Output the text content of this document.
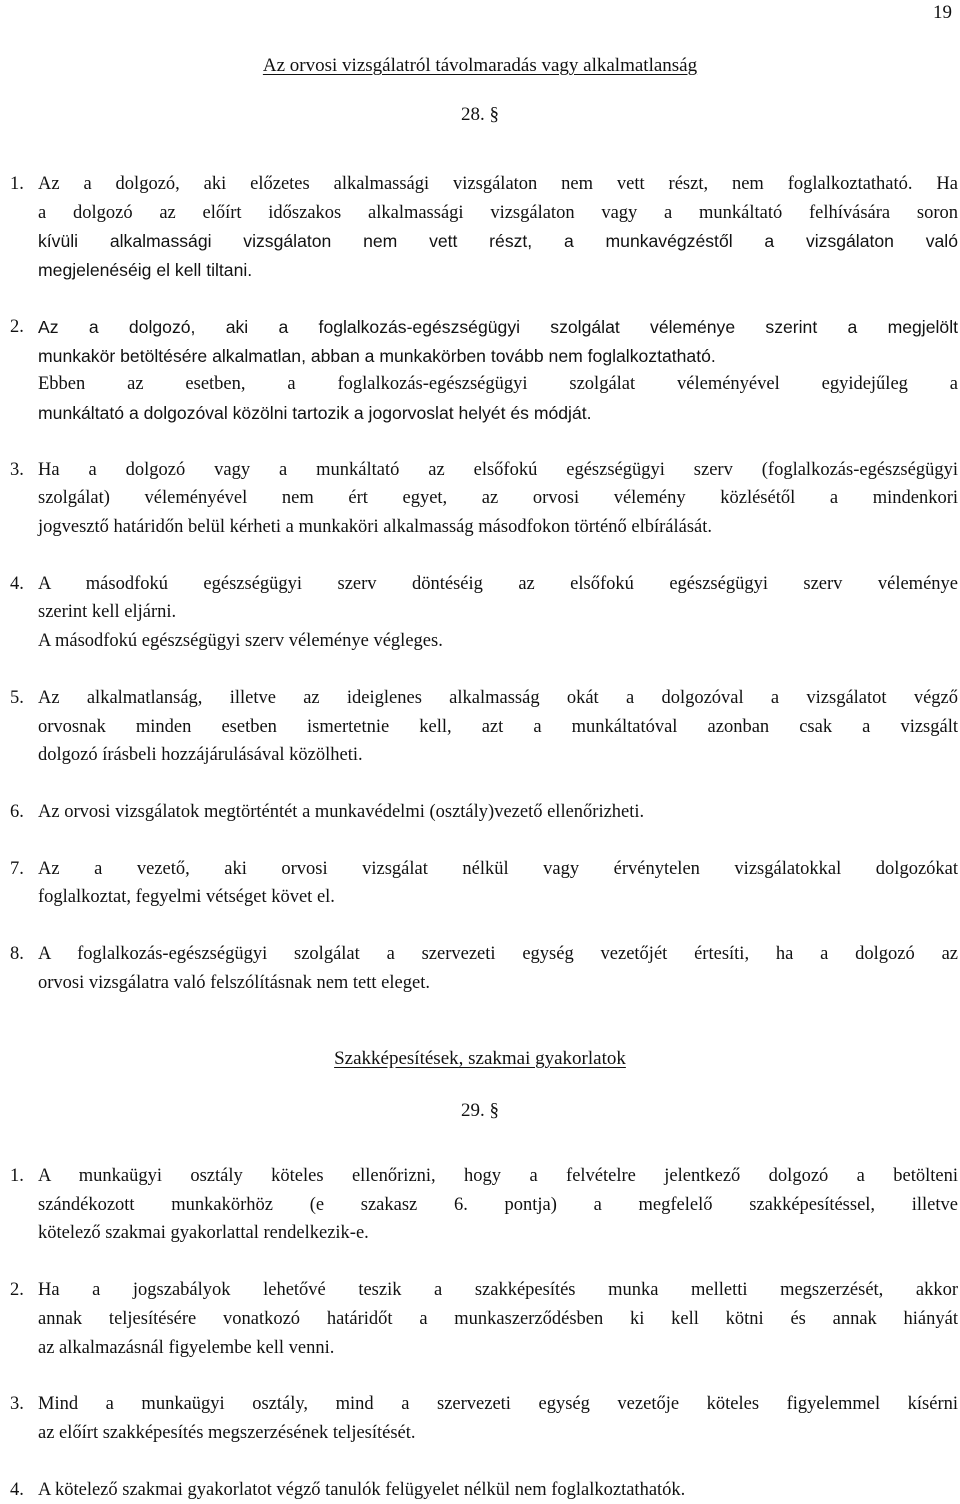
19

Az orvosi vizsgálatról távolmaradás vagy alkalmatlanság

28. §

1. Az a dolgozó, aki előzetes alkalmassági vizsgálaton nem vett részt, nem foglalkoztatható. Ha
a dolgozó az előírt időszakos alkalmassági vizsgálaton vagy a munkáltató felhívására soron
kívüli alkalmassági vizsgálaton nem vett részt, a munkavégzéstől a vizsgálaton való
megjelenéséig el kell tiltani.
2. Az a dolgozó, aki a foglalkozás-egészségügyi szolgálat véleménye szerint a megjelölt
munkakör betöltésére alkalmatlan, abban a munkakörben tovább nem foglalkoztatható.
Ebben az esetben, a foglalkozás-egészségügyi szolgálat véleményével egyidejűleg a
munkáltató a dolgozóval közölni tartozik a jogorvoslat helyét és módját.
3. Ha a dolgozó vagy a munkáltató az elsőfokú egészségügyi szerv (foglalkozás-egészségügyi
szolgálat) véleményével nem ért egyet, az orvosi vélemény közlésétől a mindenkori
jogvesztő határidőn belül kérheti a munkaköri alkalmasság másodfokon történő elbírálását.
4. A másodfokú egészségügyi szerv döntéséig az elsőfokú egészségügyi szerv véleménye
szerint kell eljárni.
A másodfokú egészségügyi szerv véleménye végleges.
5. Az alkalmatlanság, illetve az ideiglenes alkalmasság okát a dolgozóval a vizsgálatot végző
orvosnak minden esetben ismertetnie kell, azt a munkáltatóval azonban csak a vizsgált
dolgozó írásbeli hozzájárulásával közölheti.
6. Az orvosi vizsgálatok megtörténtét a munkavédelmi (osztály)vezető ellenőrizheti.
7. Az a vezető, aki orvosi vizsgálat nélkül vagy érvénytelen vizsgálatokkal dolgozókat
foglalkoztat, fegyelmi vétséget követ el.
8. A foglalkozás-egészségügyi szolgálat a szervezeti egység vezetőjét értesíti, ha a dolgozó az
orvosi vizsgálatra való felszólításnak nem tett eleget.

Szakképesítések, szakmai gyakorlatok

29. §

1. A munkaügyi osztály köteles ellenőrizni, hogy a felvételre jelentkező dolgozó a betölteni
szándékozott munkakörhöz (e szakasz 6. pontja) a megfelelő szakképesítéssel, illetve
kötelező szakmai gyakorlattal rendelkezik-e.
2. Ha a jogszabályok lehetővé teszik a szakképesítés munka melletti megszerzését, akkor
annak teljesítésére vonatkozó határidőt a munkaszerződésben ki kell kötni és annak hiányát
az alkalmazásnál figyelembe kell venni.
3. Mind a munkaügyi osztály, mind a szervezeti egység vezetője köteles figyelemmel kísérni
az előírt szakképesítés megszerzésének teljesítését.
4. A kötelező szakmai gyakorlatot végző tanulók felügyelet nélkül nem foglalkoztathatók.
